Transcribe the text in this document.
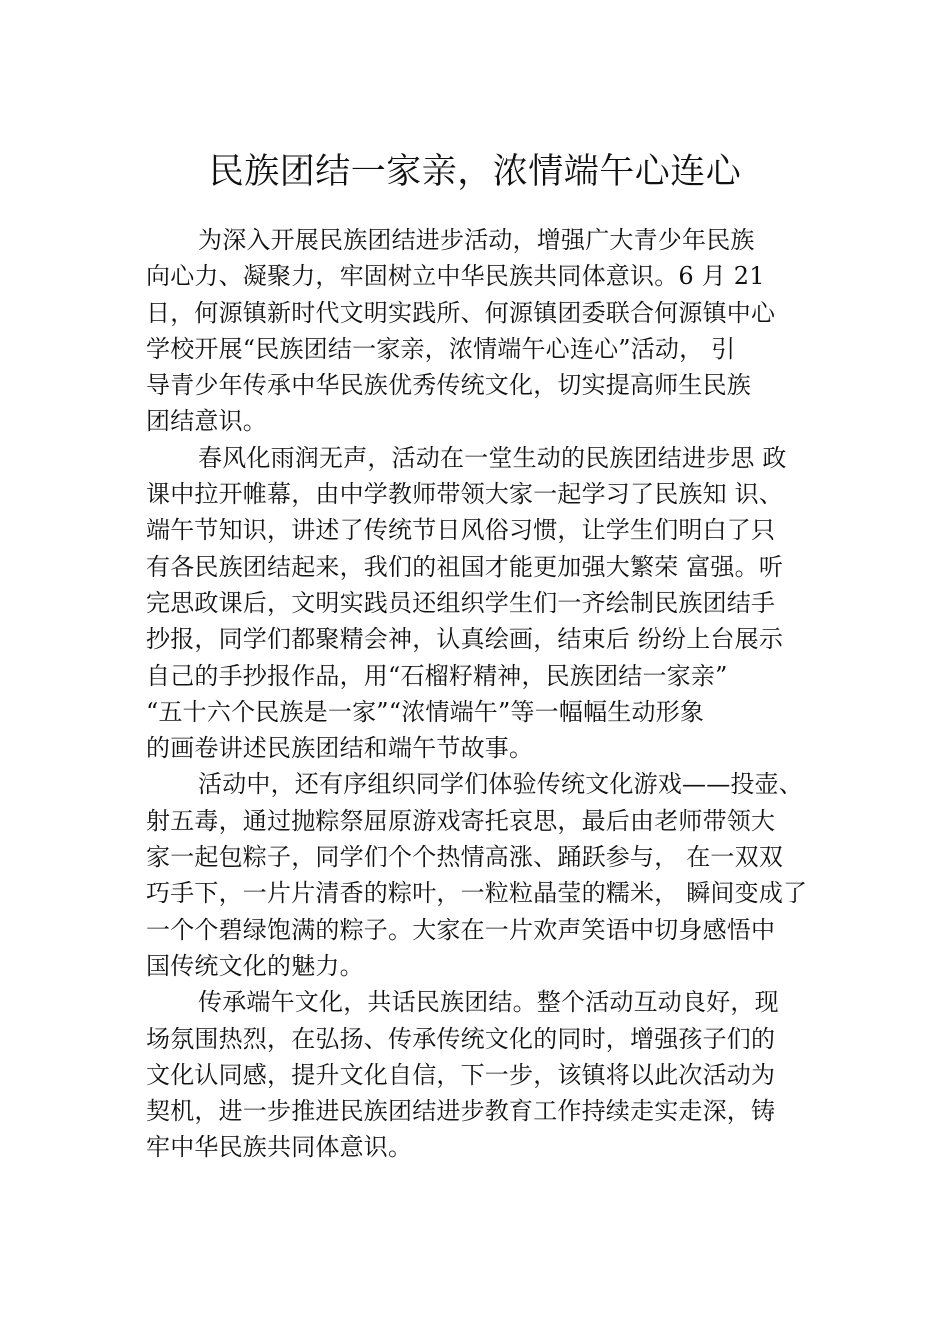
民族团结一家亲，浓情端午心连心
为深入开展民族团结进步活动，增强广大青少年民族
向心力、凝聚力，牢固树立中华民族共同体意识。6 月 21
日，何源镇新时代文明实践所、何源镇团委联合何源镇中心
学校开展“民族团结一家亲，浓情端午心连心”活动， 引
导青少年传承中华民族优秀传统文化，切实提高师生民族
团结意识。
春风化雨润无声，活动在一堂生动的民族团结进步思 政
课中拉开帷幕，由中学教师带领大家一起学习了民族知 识、
端午节知识，讲述了传统节日风俗习惯，让学生们明白了只
有各民族团结起来，我们的祖国才能更加强大繁荣 富强。听
完思政课后，文明实践员还组织学生们一齐绘制民族团结手
抄报，同学们都聚精会神，认真绘画，结束后 纷纷上台展示
自己的手抄报作品，用“石榴籽精神，民族团结一家亲”
“五十六个民族是一家”“浓情端午”等一幅幅生动形象
的画卷讲述民族团结和端午节故事。
活动中，还有序组织同学们体验传统文化游戏——投壶、
射五毒，通过抛粽祭屈原游戏寄托哀思，最后由老师带领大
家一起包粽子，同学们个个热情高涨、踊跃参与， 在一双双
巧手下，一片片清香的粽叶，一粒粒晶莹的糯米， 瞬间变成了
一个个碧绿饱满的粽子。大家在一片欢声笑语中切身感悟中
国传统文化的魅力。
传承端午文化，共话民族团结。整个活动互动良好，现
场氛围热烈，在弘扬、传承传统文化的同时，增强孩子们的
文化认同感，提升文化自信，下一步，该镇将以此次活动为
契机，进一步推进民族团结进步教育工作持续走实走深，铸
牢中华民族共同体意识。
